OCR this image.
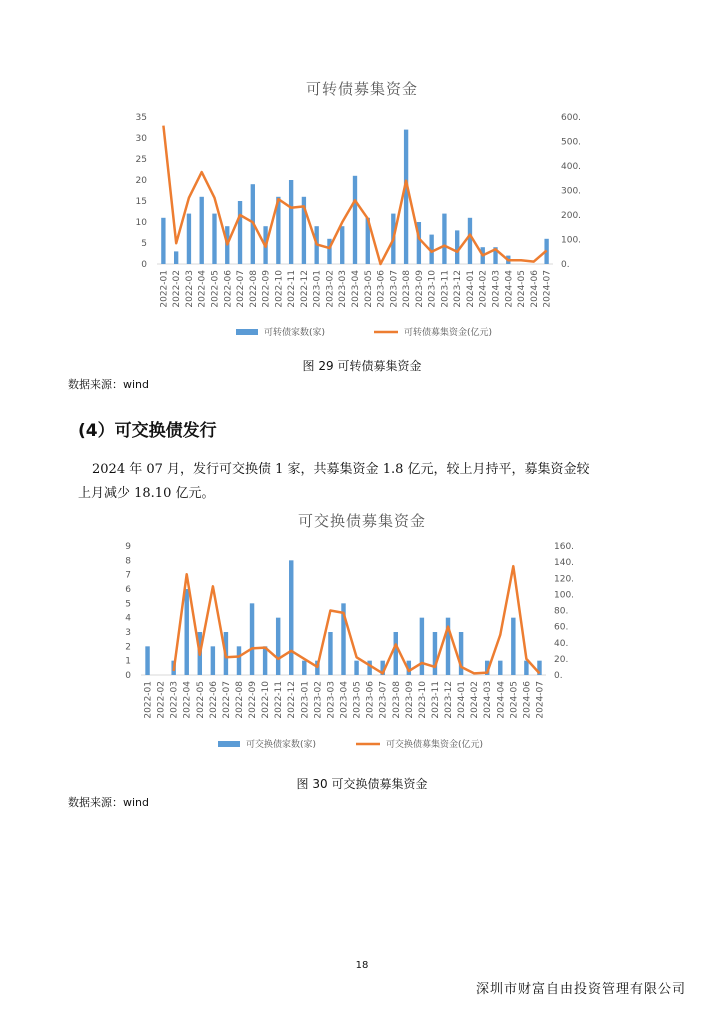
可转债募集资金
0
5
10
15
20
25
30
35
0.
100.
200.
300.
400.
500.
600.
2022-01 2022-02 2022-03 2022-04 2022-05 2022-06 2022-07 2022-08 2022-09 2022-10 2022-11 2022-12 2023-01 2023-02 2023-03 2023-04 2023-05 2023-06 2023-07 2023-08 2023-09 2023-10 2023-11 2023-12 2024-01 2024-02 2024-03 2024-04 2024-05 2024-06 2024-07
可转债家数(家)	可转债募集资金(亿元)
图 29 可转债募集资金
数据来源：wind
(4）可交换债发行
2024 年 07 月，发行可交换债 1 家，共募集资金 1.8 亿元，较上月持平，募集资金较
上月减少 18.10 亿元。
可交换债募集资金
0
1
2
3
4
5
6
7
8
9
0.
20.
40.
60.
80.
100.
120.
140.
160.
2022-01 2022-02 2022-03 2022-04 2022-05 2022-06 2022-07 2022-08 2022-09 2022-10 2022-11 2022-12 2023-01 2023-02 2023-03 2023-04 2023-05 2023-06 2023-07 2023-08 2023-09 2023-10 2023-11 2023-12 2024-01 2024-02 2024-03 2024-04 2024-05 2024-06 2024-07
可交换债家数(家)	可交换债募集资金(亿元)
图 30 可交换债募集资金
数据来源：wind
18
深圳市财富自由投资管理有限公司
